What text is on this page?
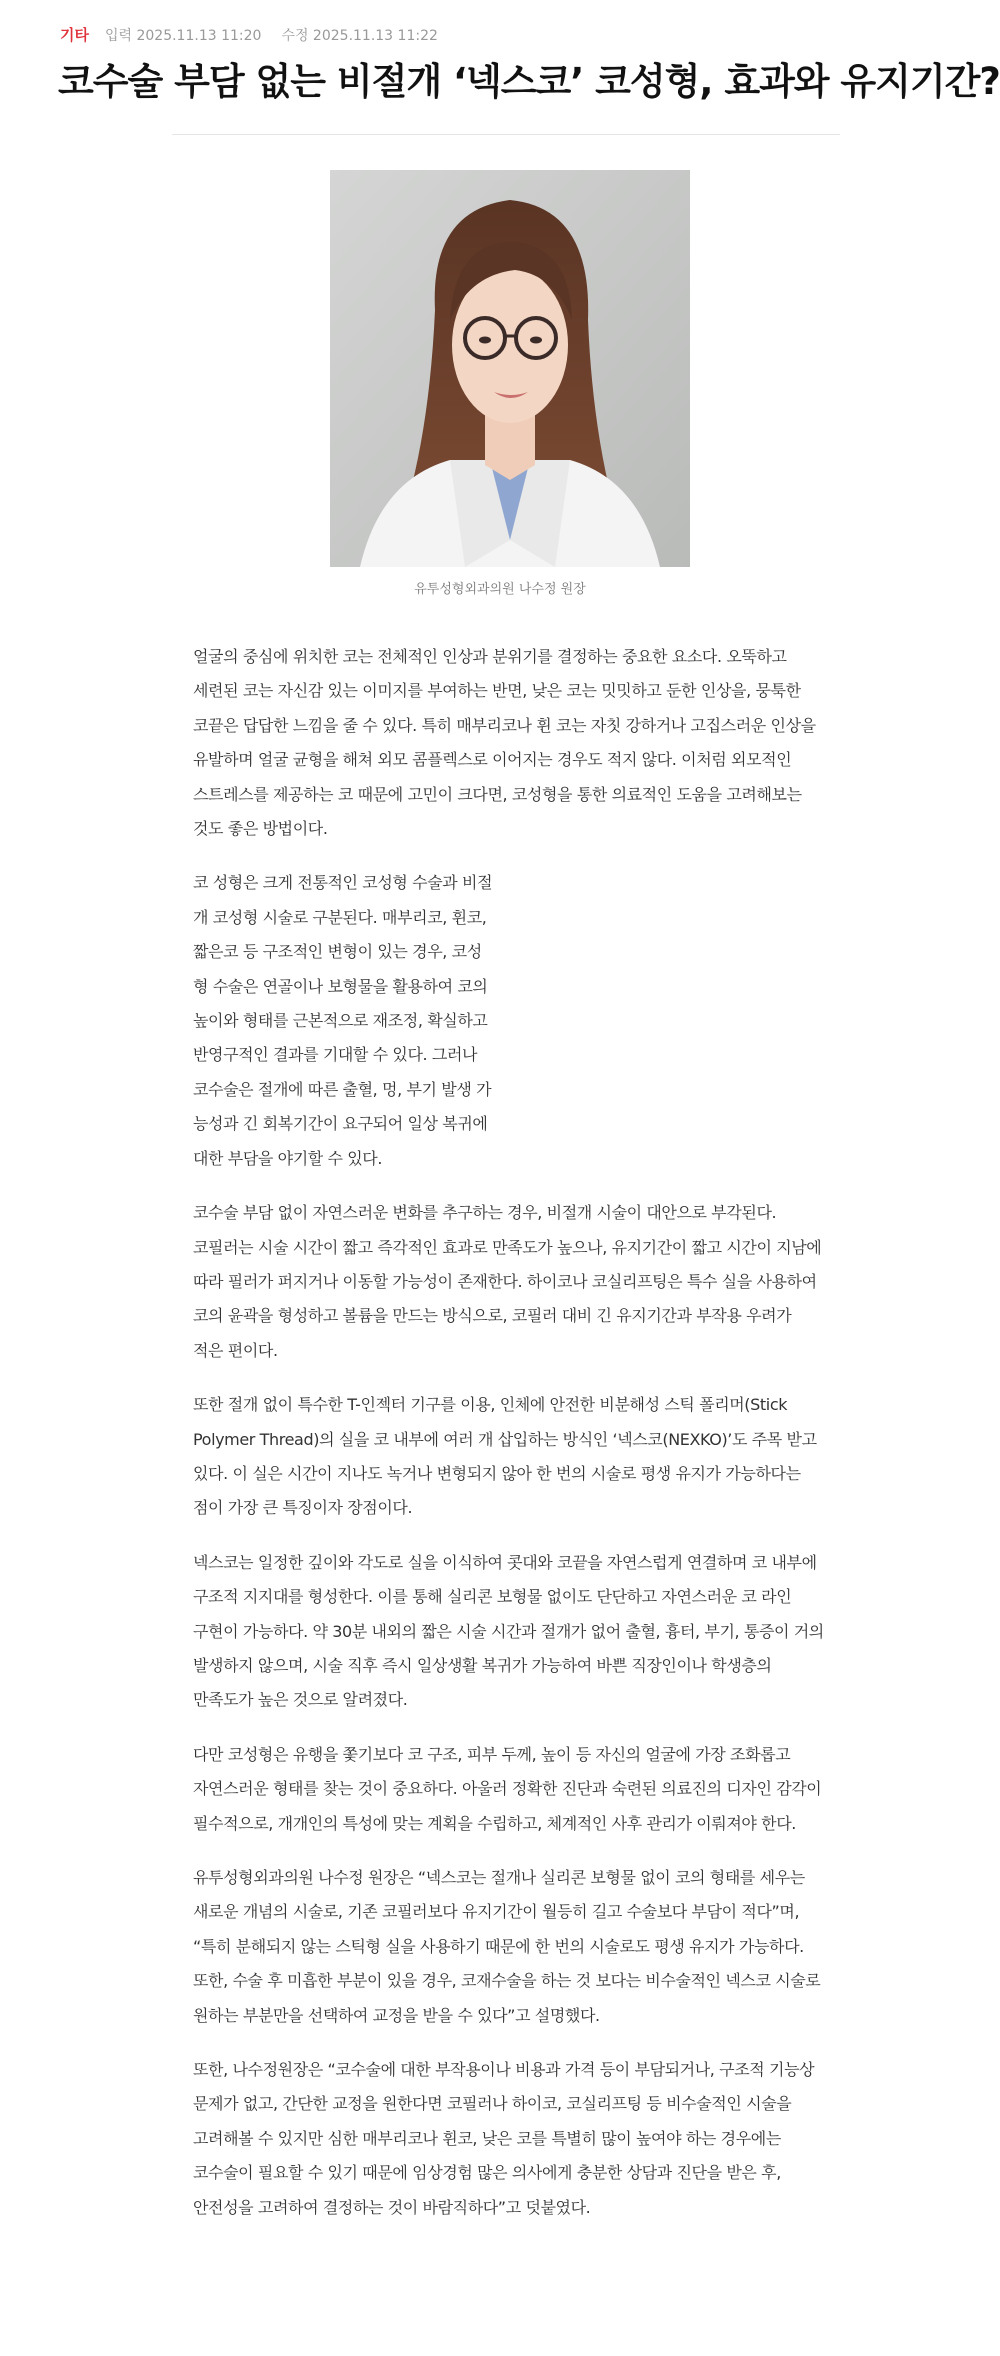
기타 입력 2025.11.13 11:20 수정 2025.11.13 11:22
코수술 부담 없는 비절개 ‘넥스코’ 코성형, 효과와 유지기간?
유투성형외과의원 나수정 원장

얼굴의 중심에 위치한 코는 전체적인 인상과 분위기를 결정하는 중요한 요소다. 오뚝하고 세련된 코는 자신감 있는 이미지를 부여하는 반면, 낮은 코는 밋밋하고 둔한 인상을, 뭉툭한 코끝은 답답한 느낌을 줄 수 있다. 특히 매부리코나 휜 코는 자칫 강하거나 고집스러운 인상을 유발하며 얼굴 균형을 해쳐 외모 콤플렉스로 이어지는 경우도 적지 않다. 이처럼 외모적인 스트레스를 제공하는 코 때문에 고민이 크다면, 코성형을 통한 의료적인 도움을 고려해보는 것도 좋은 방법이다.

코 성형은 크게 전통적인 코성형 수술과 비절개 코성형 시술로 구분된다. 매부리코, 휜코, 짧은코 등 구조적인 변형이 있는 경우, 코성형 수술은 연골이나 보형물을 활용하여 코의 높이와 형태를 근본적으로 재조정, 확실하고 반영구적인 결과를 기대할 수 있다. 그러나 코수술은 절개에 따른 출혈, 멍, 부기 발생 가능성과 긴 회복기간이 요구되어 일상 복귀에 대한 부담을 야기할 수 있다.

코수술 부담 없이 자연스러운 변화를 추구하는 경우, 비절개 시술이 대안으로 부각된다. 코필러는 시술 시간이 짧고 즉각적인 효과로 만족도가 높으나, 유지기간이 짧고 시간이 지남에 따라 필러가 퍼지거나 이동할 가능성이 존재한다. 하이코나 코실리프팅은 특수 실을 사용하여 코의 윤곽을 형성하고 볼륨을 만드는 방식으로, 코필러 대비 긴 유지기간과 부작용 우려가 적은 편이다.

또한 절개 없이 특수한 T-인젝터 기구를 이용, 인체에 안전한 비분해성 스틱 폴리머(Stick Polymer Thread)의 실을 코 내부에 여러 개 삽입하는 방식인 ‘넥스코(NEXKO)’도 주목 받고 있다. 이 실은 시간이 지나도 녹거나 변형되지 않아 한 번의 시술로 평생 유지가 가능하다는 점이 가장 큰 특징이자 장점이다.

넥스코는 일정한 깊이와 각도로 실을 이식하여 콧대와 코끝을 자연스럽게 연결하며 코 내부에 구조적 지지대를 형성한다. 이를 통해 실리콘 보형물 없이도 단단하고 자연스러운 코 라인 구현이 가능하다. 약 30분 내외의 짧은 시술 시간과 절개가 없어 출혈, 흉터, 부기, 통증이 거의 발생하지 않으며, 시술 직후 즉시 일상생활 복귀가 가능하여 바쁜 직장인이나 학생층의 만족도가 높은 것으로 알려졌다.

다만 코성형은 유행을 쫓기보다 코 구조, 피부 두께, 높이 등 자신의 얼굴에 가장 조화롭고 자연스러운 형태를 찾는 것이 중요하다. 아울러 정확한 진단과 숙련된 의료진의 디자인 감각이 필수적으로, 개개인의 특성에 맞는 계획을 수립하고, 체계적인 사후 관리가 이뤄져야 한다.

유투성형외과의원 나수정 원장은 “넥스코는 절개나 실리콘 보형물 없이 코의 형태를 세우는 새로운 개념의 시술로, 기존 코필러보다 유지기간이 월등히 길고 수술보다 부담이 적다”며, “특히 분해되지 않는 스틱형 실을 사용하기 때문에 한 번의 시술로도 평생 유지가 가능하다. 또한, 수술 후 미흡한 부분이 있을 경우, 코재수술을 하는 것 보다는 비수술적인 넥스코 시술로 원하는 부분만을 선택하여 교정을 받을 수 있다”고 설명했다.

또한, 나수정원장은 “코수술에 대한 부작용이나 비용과 가격 등이 부담되거나, 구조적 기능상 문제가 없고, 간단한 교정을 원한다면 코필러나 하이코, 코실리프팅 등 비수술적인 시술을 고려해볼 수 있지만 심한 매부리코나 휜코, 낮은 코를 특별히 많이 높여야 하는 경우에는 코수술이 필요할 수 있기 때문에 임상경험 많은 의사에게 충분한 상담과 진단을 받은 후, 안전성을 고려하여 결정하는 것이 바람직하다”고 덧붙였다.
